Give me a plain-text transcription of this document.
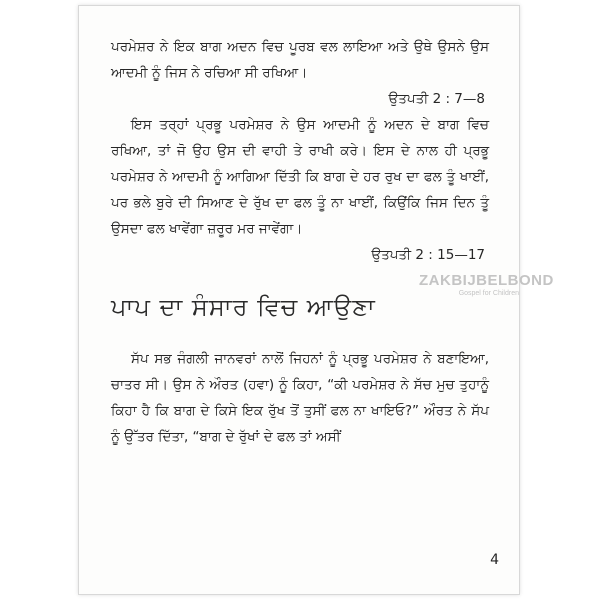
ਪਰਮੇਸ਼ਰ ਨੇ ਇਕ ਬਾਗ ਅਦਨ ਵਿਚ ਪੂਰਬ ਵਲ ਲਾਇਆ ਅਤੇ ਉਥੇ ਉਸਨੇ ਉਸ ਆਦਮੀ ਨੂੰ ਜਿਸ ਨੇ ਰਚਿਆ ਸੀ ਰਖਿਆ।

ਉਤਪਤੀ 2 : 7—8

ਇਸ ਤਰ੍ਹਾਂ ਪ੍ਰਭੂ ਪਰਮੇਸ਼ਰ ਨੇ ਉਸ ਆਦਮੀ ਨੂੰ ਅਦਨ ਦੇ ਬਾਗ ਵਿਚ ਰਖਿਆ, ਤਾਂ ਜੋ ਉਹ ਉਸ ਦੀ ਵਾਹੀ ਤੇ ਰਾਖੀ ਕਰੇ। ਇਸ ਦੇ ਨਾਲ ਹੀ ਪ੍ਰਭੂ ਪਰਮੇਸ਼ਰ ਨੇ ਆਦਮੀ ਨੂੰ ਆਗਿਆ ਦਿੱਤੀ ਕਿ ਬਾਗ ਦੇ ਹਰ ਰੁਖ ਦਾ ਫਲ ਤੂੰ ਖਾਈਂ, ਪਰ ਭਲੇ ਬੁਰੇ ਦੀ ਸਿਆਣ ਦੇ ਰੁੱਖ ਦਾ ਫਲ ਤੂੰ ਨਾ ਖਾਈਂ, ਕਿਉਂਕਿ ਜਿਸ ਦਿਨ ਤੂੰ ਉਸਦਾ ਫਲ ਖਾਵੇਂਗਾ ਜ਼ਰੂਰ ਮਰ ਜਾਵੇਂਗਾ।

ਉਤਪਤੀ 2 : 15—17

ਪਾਪ ਦਾ ਸੰਸਾਰ ਵਿਚ ਆਉਣਾ

ਸੱਪ ਸਭ ਜੰਗਲੀ ਜਾਨਵਰਾਂ ਨਾਲੋਂ ਜਿਹਨਾਂ ਨੂੰ ਪ੍ਰਭੂ ਪਰਮੇਸ਼ਰ ਨੇ ਬਣਾਇਆ, ਚਾਤਰ ਸੀ। ਉਸ ਨੇ ਔਰਤ (ਹਵਾ) ਨੂੰ ਕਿਹਾ, “ਕੀ ਪਰਮੇਸ਼ਰ ਨੇ ਸੱਚ ਮੁਚ ਤੁਹਾਨੂੰ ਕਿਹਾ ਹੈ ਕਿ ਬਾਗ ਦੇ ਕਿਸੇ ਇਕ ਰੁੱਖ ਤੋਂ ਤੁਸੀਂ ਫਲ ਨਾ ਖਾਇਓ?” ਔਰਤ ਨੇ ਸੱਪ ਨੂੰ ਉੱਤਰ ਦਿੱਤਾ, “ਬਾਗ ਦੇ ਰੁੱਖਾਂ ਦੇ ਫਲ ਤਾਂ ਅਸੀਂ

ZAKBIJBELBOND
Gospel for Children
4
